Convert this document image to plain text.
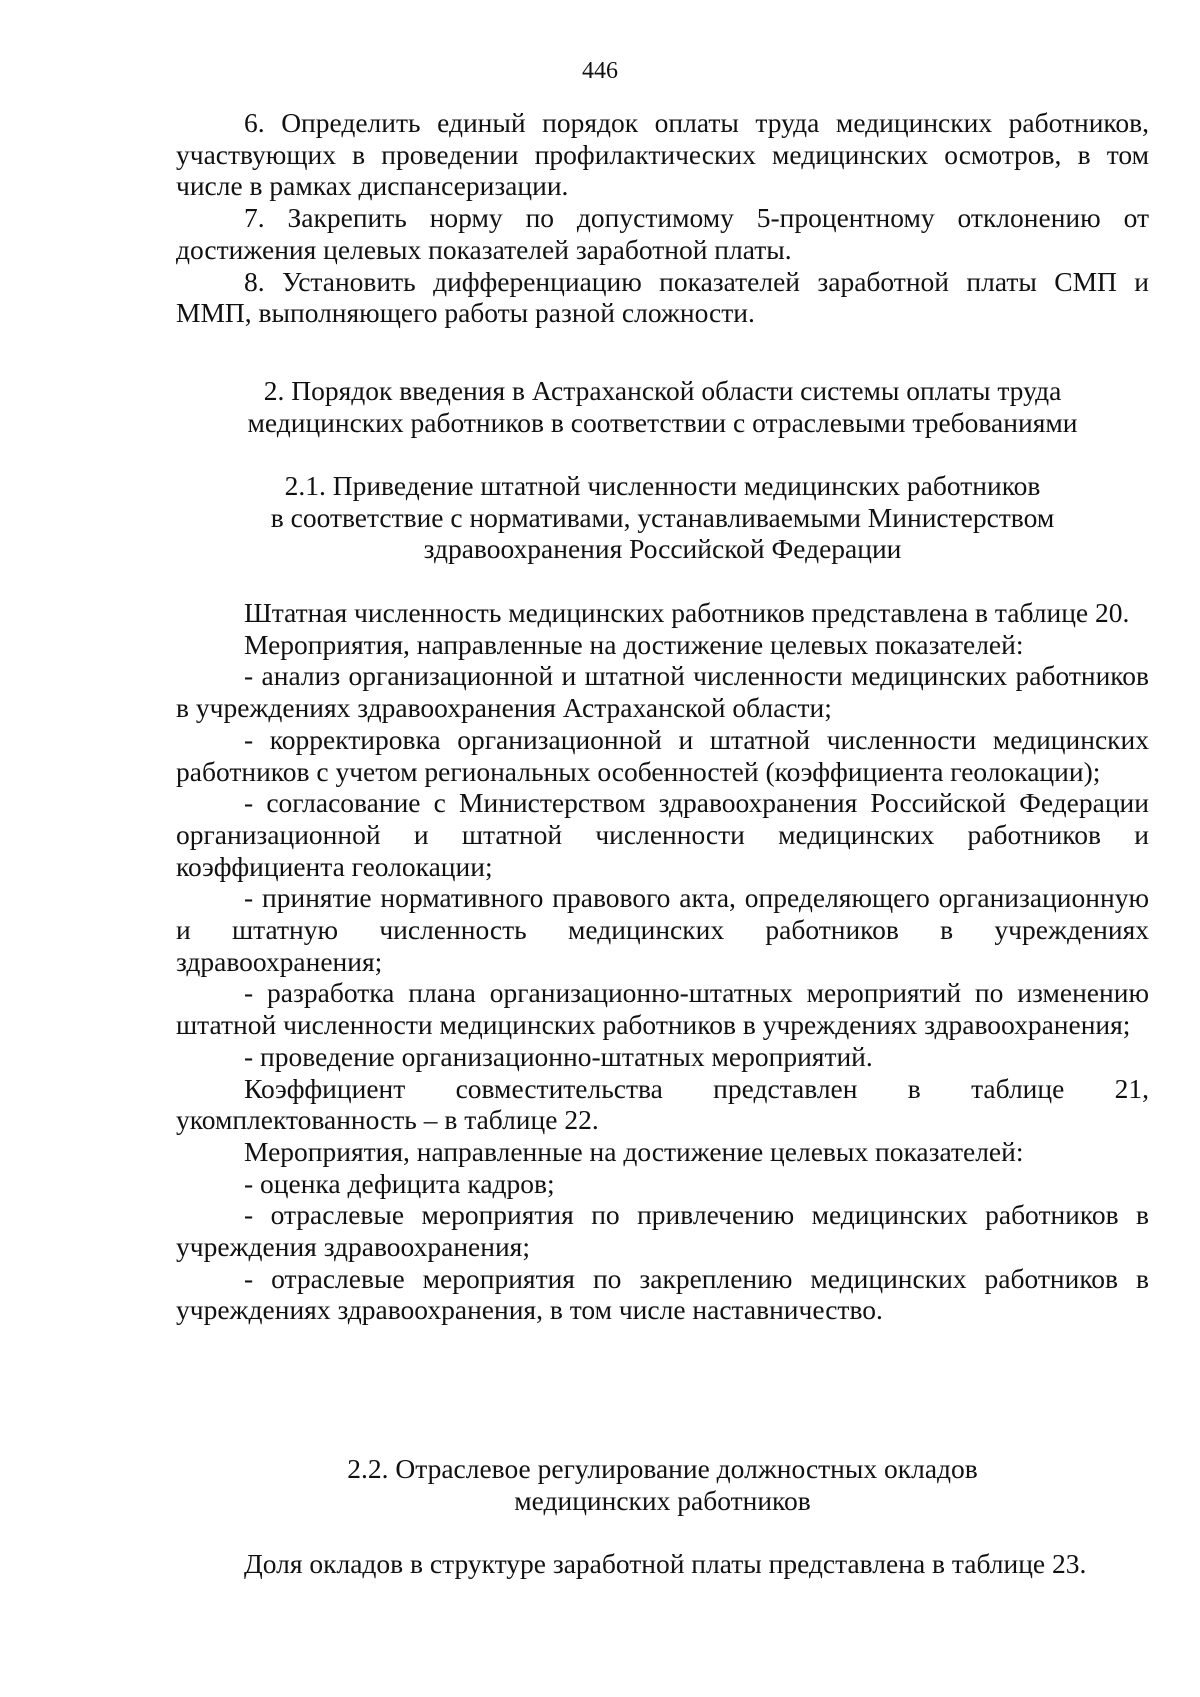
446

6. Определить единый порядок оплаты труда медицинских работников, участвующих в проведении профилактических медицинских осмотров, в том числе в рамках диспансеризации.

7. Закрепить норму по допустимому 5-процентному отклонению от достижения целевых показателей заработной платы.

8. Установить дифференциацию показателей заработной платы СМП и ММП, выполняющего работы разной сложности.

2. Порядок введения в Астраханской области системы оплаты труда

медицинских работников в соответствии с отраслевыми требованиями

2.1. Приведение штатной численности медицинских работников

в соответствие с нормативами, устанавливаемыми Министерством

здравоохранения Российской Федерации

Штатная численность медицинских работников представлена в таблице 20.

Мероприятия, направленные на достижение целевых показателей:

- анализ организационной и штатной численности медицинских работников в учреждениях здравоохранения Астраханской области;

- корректировка организационной и штатной численности медицинских работников с учетом региональных особенностей (коэффициента геолокации);

- согласование с Министерством здравоохранения Российской Федерации организационной и штатной численности медицинских работников и коэффициента геолокации;

- принятие нормативного правового акта, определяющего организационную и штатную численность медицинских работников в учреждениях здравоохранения;

- разработка плана организационно-штатных мероприятий по изменению штатной численности медицинских работников в учреждениях здравоохранения;

- проведение организационно-штатных мероприятий.

Коэффициент совместительства представлен в таблице 21, укомплектованность – в таблице 22.

Мероприятия, направленные на достижение целевых показателей:

- оценка дефицита кадров;

- отраслевые мероприятия по привлечению медицинских работников в учреждения здравоохранения;

- отраслевые мероприятия по закреплению медицинских работников в учреждениях здравоохранения, в том числе наставничество.

2.2. Отраслевое регулирование должностных окладов

медицинских работников

Доля окладов в структуре заработной платы представлена в таблице 23.
